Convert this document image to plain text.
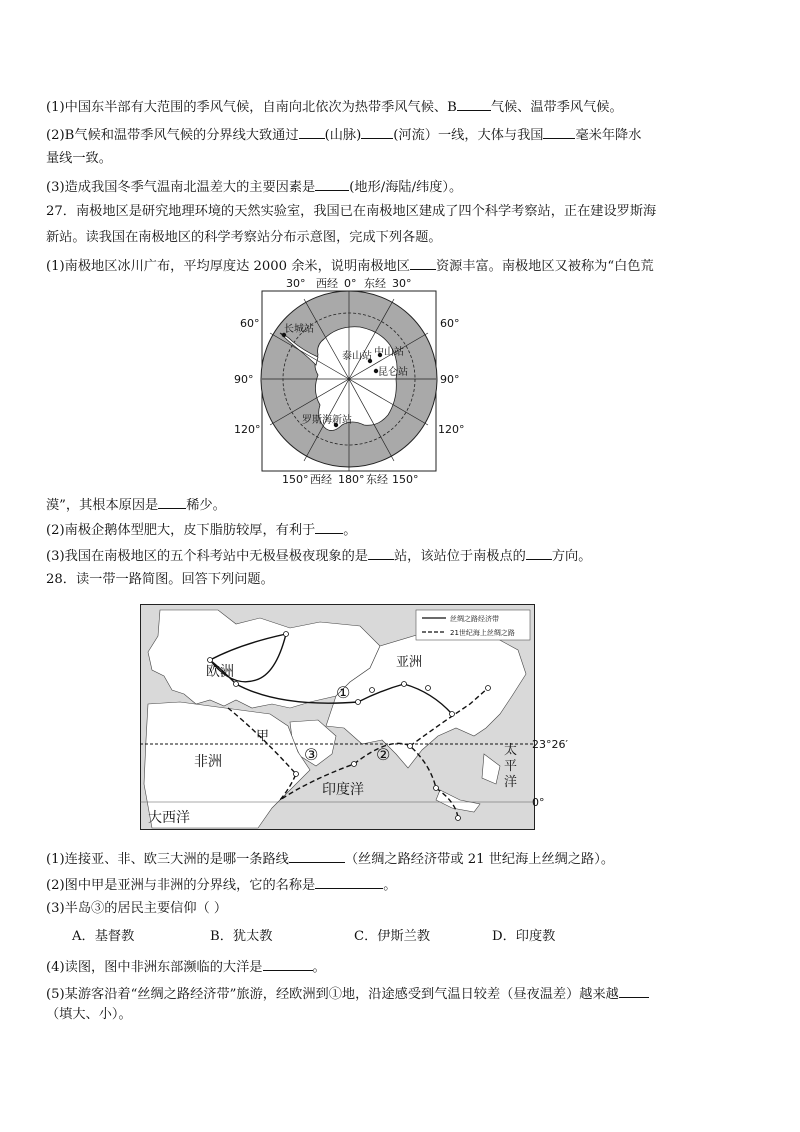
(1)中国东半部有大范围的季风气候，自南向北依次为热带季风气候、B	气候、温带季风气候。
(2)B气候和温带季风气候的分界线大致通过 (山脉) (河流）一线，大体与我国 毫米年降水
量线一致。
(3)造成我国冬季气温南北温差大的主要因素是	(地形/海陆/纬度）。
27．南极地区是研究地理环境的天然实验室，我国已在南极地区建成了四个科学考察站，正在建设罗斯海
新站。读我国在南极地区的科学考察站分布示意图，完成下列各题。
(1)南极地区冰川广布，平均厚度达 2000 余米，说明南极地区 资源丰富。南极地区又被称为“白色荒
30° 西经 0° 东经 30°
60°
90°
120°
60°
90°
120°
150° 西经 180° 东经 150°
长城站
泰山站 中山站
昆仑站
罗斯海新站
漠”，其根本原因是 稀少。
(2)南极企鹅体型肥大，皮下脂肪较厚，有利于 。
(3)我国在南极地区的五个科考站中无极昼极夜现象的是 站，该站位于南极点的 方向。
28．读一带一路简图。回答下列问题。
丝绸之路经济带
21世纪海上丝绸之路
欧洲
亚洲
非洲
印度洋
大西洋
太
平
洋
甲
①
②
③
23°26′
0°
(1)连接亚、非、欧三大洲的是哪一条路线	（丝绸之路经济带或 21 世纪海上丝绸之路）。
(2)图中甲是亚洲与非洲的分界线，它的名称是	。
(3)半岛③的居民主要信仰（ ）
A．基督教	B．犹太教	C．伊斯兰教	D．印度教
(4)读图，图中非洲东部濒临的大洋是	。
(5)某游客沿着“丝绸之路经济带”旅游，经欧洲到①地，沿途感受到气温日较差（昼夜温差）越来越
（填大、小）。
